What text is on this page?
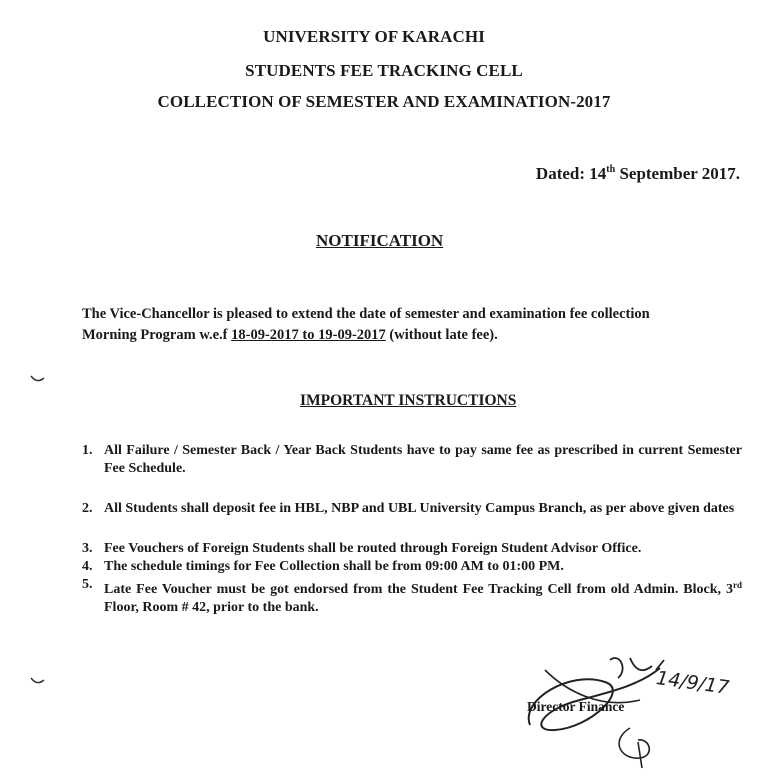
UNIVERSITY OF KARACHI
STUDENTS FEE TRACKING CELL
COLLECTION OF SEMESTER AND EXAMINATION-2017
Dated: 14th September 2017.
NOTIFICATION
The Vice-Chancellor is pleased to extend the date of semester and examination fee collection
Morning Program w.e.f 18-09-2017 to 19-09-2017 (without late fee).
IMPORTANT INSTRUCTIONS
1. All Failure / Semester Back / Year Back Students have to pay same fee as prescribed in current Semester Fee Schedule.
2. All Students shall deposit fee in HBL, NBP and UBL University Campus Branch, as per above given dates
3. Fee Vouchers of Foreign Students shall be routed through Foreign Student Advisor Office.
4. The schedule timings for Fee Collection shall be from 09:00 AM to 01:00 PM.
5. Late Fee Voucher must be got endorsed from the Student Fee Tracking Cell from old Admin. Block, 3rd Floor, Room # 42, prior to the bank.
14/9/17
Director Finance
